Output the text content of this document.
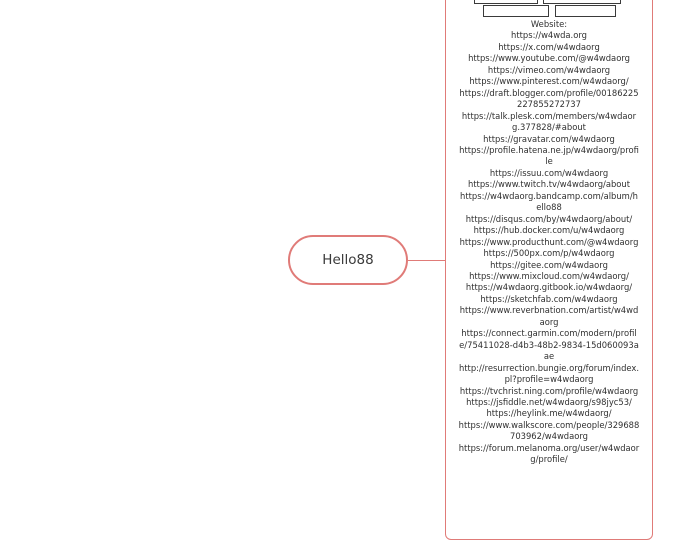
Hello88
Website:
https://w4wda.org
https://x.com/w4wdaorg
https://www.youtube.com/@w4wdaorg
https://vimeo.com/w4wdaorg
https://www.pinterest.com/w4wdaorg/
https://draft.blogger.com/profile/00186225227855272737
https://talk.plesk.com/members/w4wdaorg.377828/#about
https://gravatar.com/w4wdaorg
https://profile.hatena.ne.jp/w4wdaorg/profile
https://issuu.com/w4wdaorg
https://www.twitch.tv/w4wdaorg/about
https://w4wdaorg.bandcamp.com/album/hello88
https://disqus.com/by/w4wdaorg/about/
https://hub.docker.com/u/w4wdaorg
https://www.producthunt.com/@w4wdaorg
https://500px.com/p/w4wdaorg
https://gitee.com/w4wdaorg
https://www.mixcloud.com/w4wdaorg/
https://w4wdaorg.gitbook.io/w4wdaorg/
https://sketchfab.com/w4wdaorg
https://www.reverbnation.com/artist/w4wdaorg
https://connect.garmin.com/modern/profile/75411028-d4b3-48b2-9834-15d060093aae
http://resurrection.bungie.org/forum/index.pl?profile=w4wdaorg
https://tvchrist.ning.com/profile/w4wdaorg
https://jsfiddle.net/w4wdaorg/s98jyc53/
https://heylink.me/w4wdaorg/
https://www.walkscore.com/people/329688703962/w4wdaorg
https://forum.melanoma.org/user/w4wdaorg/profile/
